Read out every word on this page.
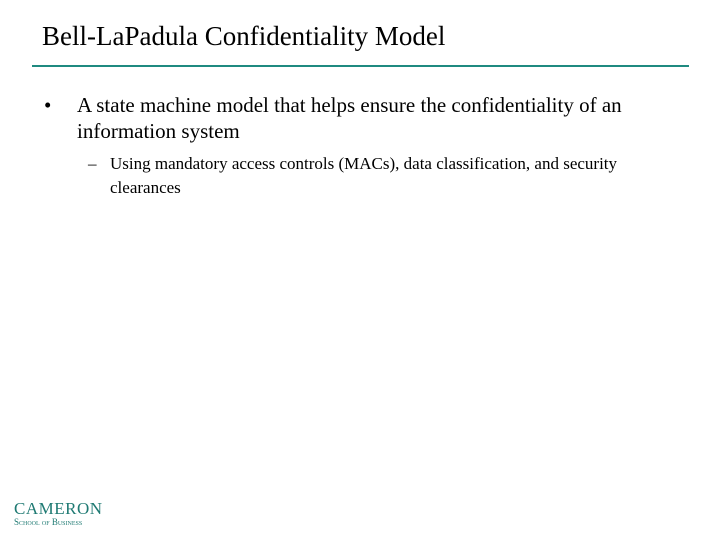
Bell-LaPadula Confidentiality Model
• A state machine model that helps ensure the confidentiality of an information system
– Using mandatory access controls (MACs), data classification, and security clearances
CAMERON
School of Business
